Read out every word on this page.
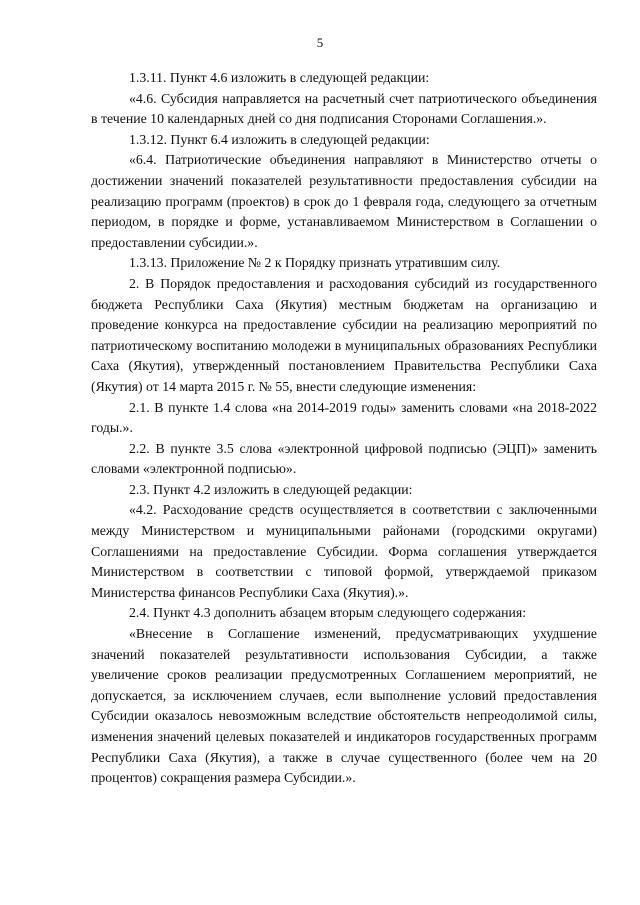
5

1.3.11. Пункт 4.6 изложить в следующей редакции:

«4.6. Субсидия направляется на расчетный счет патриотического объединения в течение 10 календарных дней со дня подписания Сторонами Соглашения.».

1.3.12. Пункт 6.4 изложить в следующей редакции:

«6.4. Патриотические объединения направляют в Министерство отчеты о достижении значений показателей результативности предоставления субсидии на реализацию программ (проектов) в срок до 1 февраля года, следующего за отчетным периодом, в порядке и форме, устанавливаемом Министерством в Соглашении о предоставлении субсидии.».

1.3.13. Приложение № 2 к Порядку признать утратившим силу.

2. В Порядок предоставления и расходования субсидий из государственного бюджета Республики Саха (Якутия) местным бюджетам на организацию и проведение конкурса на предоставление субсидии на реализацию мероприятий по патриотическому воспитанию молодежи в муниципальных образованиях Республики Саха (Якутия), утвержденный постановлением Правительства Республики Саха (Якутия) от 14 марта 2015 г. № 55, внести следующие изменения:

2.1. В пункте 1.4 слова «на 2014-2019 годы» заменить словами «на 2018-2022 годы.».

2.2. В пункте 3.5 слова «электронной цифровой подписью (ЭЦП)» заменить словами «электронной подписью».

2.3. Пункт 4.2 изложить в следующей редакции:

«4.2. Расходование средств осуществляется в соответствии с заключенными между Министерством и муниципальными районами (городскими округами) Соглашениями на предоставление Субсидии. Форма соглашения утверждается Министерством в соответствии с типовой формой, утверждаемой приказом Министерства финансов Республики Саха (Якутия).».

2.4. Пункт 4.3 дополнить абзацем вторым следующего содержания:

«Внесение в Соглашение изменений, предусматривающих ухудшение значений показателей результативности использования Субсидии, а также увеличение сроков реализации предусмотренных Соглашением мероприятий, не допускается, за исключением случаев, если выполнение условий предоставления Субсидии оказалось невозможным вследствие обстоятельств непреодолимой силы, изменения значений целевых показателей и индикаторов государственных программ Республики Саха (Якутия), а также в случае существенного (более чем на 20 процентов) сокращения размера Субсидии.».
